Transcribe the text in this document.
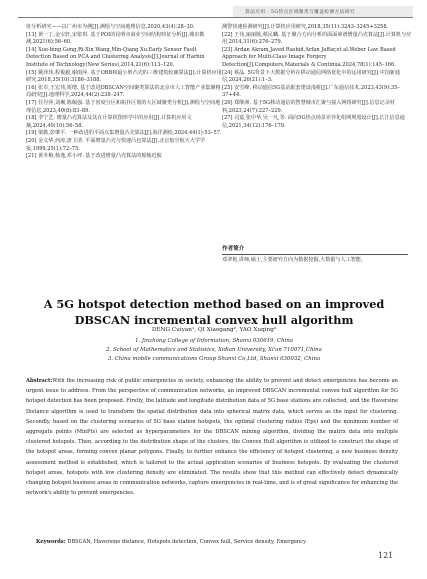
算法应用 · 5G热点区域聚类与覆盖检测方法研究

征分析研究——以广州市为例[J].测绘与空间地理信息,2020,43(4):28–30.

[13] 黄一丁,金宝轩,宋依琪. 基于POI的昆明市商业空间结构特征分析[J].城市勘测,2021(6):56–60.

[14] Xue-bing Gong,Ri-Xin Wang,Min-Qiang Xu.Early Sensor Fault Detection Based on PCA and Clustering Analysis[J].Journal of Harbin Institute of Technology(New Series),2014,21(6):113–120.

[15] 姚泽玮,程俊毅,谢雨萍. 基于OBB和最小堆凸壳的三维建筑轮廓算法[J].计算机应用研究,2018,35(10):3186–3188.

[16] 张卓,王宏伟,贾增. 基于改进DBSCAN空间聚类算法的北京市人工智能产业集聚格局研究[J].地理科学,2024,44(2):238–247.

[17] 任丹萍,刘琳,陈佩强. 基于密度分区和拓扑区划的大区域聚类分析[J].测绘与空间地理信息,2023,40(8):83–89.

[18] 李宁艺. 增量凸壳算法及其在计算机图形学中的应用[J].计算机应用文摘,2024,40(10):56–58.

[19] 梁勤,彭肇平. 一种改进的平面点集增量凸壳算法[J].海洋测绘,2024,44(1):53–57.

[20] 金文华,何涛,唐卫清. 平面增量凸壳与快速凸包算法[J].北京航空航天大学学报,1999,25(1):72–75.

[21] 黄冬梅,杨逸,邓小坪. 基于改进增量凸壳算法的船舶近航

测警快速检测研究[J].计算机应用研究,2018,35(11):3243–3245+3258.

[22] 王伟,丽丽陈,蔡民麟. 基于聚合方向分析的面面筛谱增量凸壳算法[J].计算机与应用,2014,31(6):276–279.

[23] Ardan Akram,Javed Rashid,Arfan Jaffar,et al.Weber Law Based Approach for Multi-Class Image Forgery Detection[J].Computers,Materials & Continua,2024,78(1):145–166.

[24] 蔡晶. 5G背景下大数据分析在移动通信网络优化中的运用研究[J].中国新通信,2024,26(21):1–3.

[25] 安雪峰. 移动通信5G基站配套建设浅析[J].广东通信技术,2023,43(9):35–37+44.

[26] 郑继洲. 基于5G移动通信的智慧城市汇聚与接入网络研究[J].信息记录材料,2023,24(7):227–229.

[27] 司嘉,张中华,吴一凡,等. 面向5G热点场景差异化组网规划设计[J].长江信息通信,2021,34(12):176–179.

作者简介
邓翠艳,讲师,硕士,主要研究方向为数据挖掘,大数据与人工智能。
A 5G hotspot detection method based on an improved DBSCAN incremental convex hull algorithm
DENG Cuiyan¹, QI Xiaogang², YAO Xuqing³
1. Jinzhong College of Information, Shanxi 030619, China
2. School of Mathematics and Statistics, Xidian University, Xi'an 710071,China
3. China mobile communications Group Shanxi Co,Ltd, Shanxi 030032, China

Abstract:With the increasing risk of public emergencies in society, enhancing the ability to prevent and detect emergencies has become an urgent issue to address. From the perspective of communication networks, an improved DBSCAN incremental convex hull algorithm for 5G hotspot detection has been proposed. Firstly, the latitude and longitude distribution data of 5G base stations are collected, and the Haversine Distance algorithm is used to transform the spatial distribution data into spherical matrix data, which serves as the input for clustering. Secondly, based on the clustering scenarios of 5G base station hotspots, the optimal clustering radius (Eps) and the minimum number of aggregate points (MinPts) are selected as hyperparameters for the DBSCAN mining algorithm, dividing the matrix data into multiple clustered hotspots. Then, according to the distribution shape of the clusters, the Convex Hull algorithm is utilized to construct the shape of the hotspot areas, forming convex planar polygons. Finally, to further enhance the efficiency of hotspot clustering, a new business density assessment method is established, which is tailored to the actual application scenarios of business hotspots. By evaluating the clustered hotspot areas, hotspots with low clustering density are eliminated. The results show that this method can effectively detect dynamically changing hotspot business areas in communication networks, capture emergencies in real-time, and is of great significance for enhancing the network's ability to prevent emergencies.

Keywords: DBSCAN, Haversine distance, Hotspots detection, Convex hull, Service density, Emergency

121
